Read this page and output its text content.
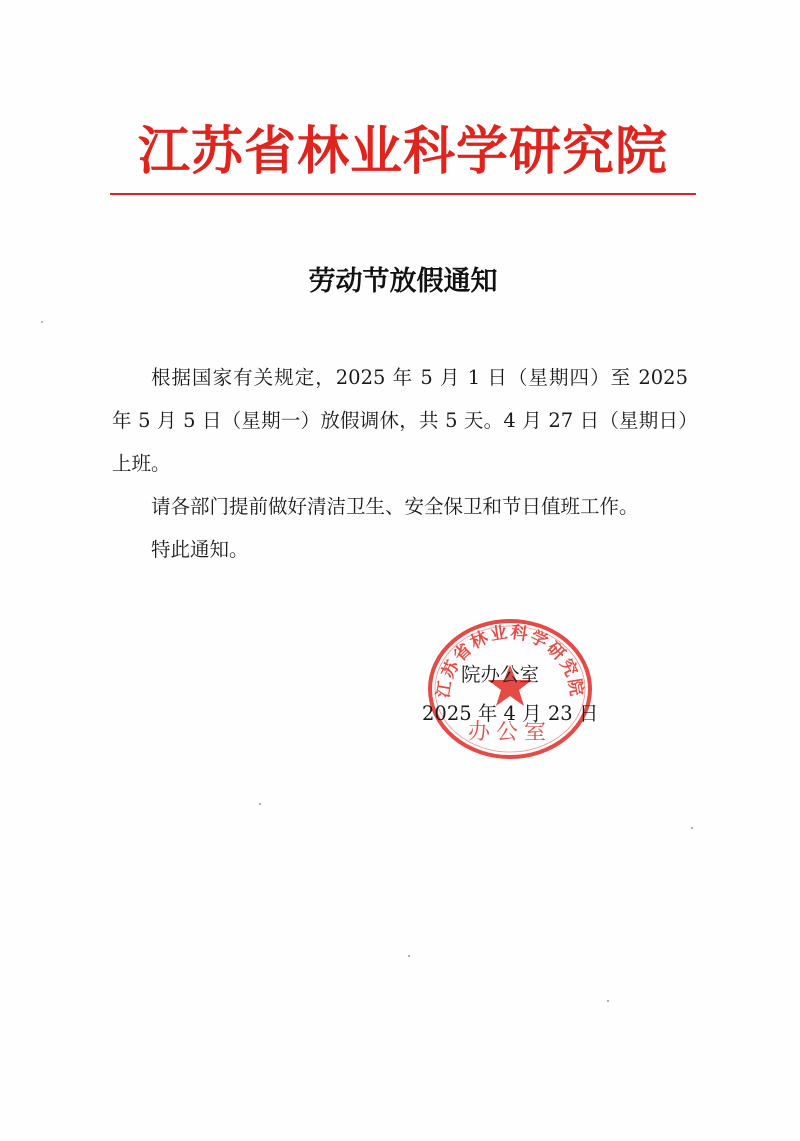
江苏省林业科学研究院
劳动节放假通知

根据国家有关规定，2025 年 5 月 1 日（星期四）至 2025 年 5 月 5 日（星期一）放假调休，共 5 天。4 月 27 日（星期日）上班。

请各部门提前做好清洁卫生、安全保卫和节日值班工作。

特此通知。

江苏省林业科学研究院
办公室
院办公室
2025 年 4 月 23 日
